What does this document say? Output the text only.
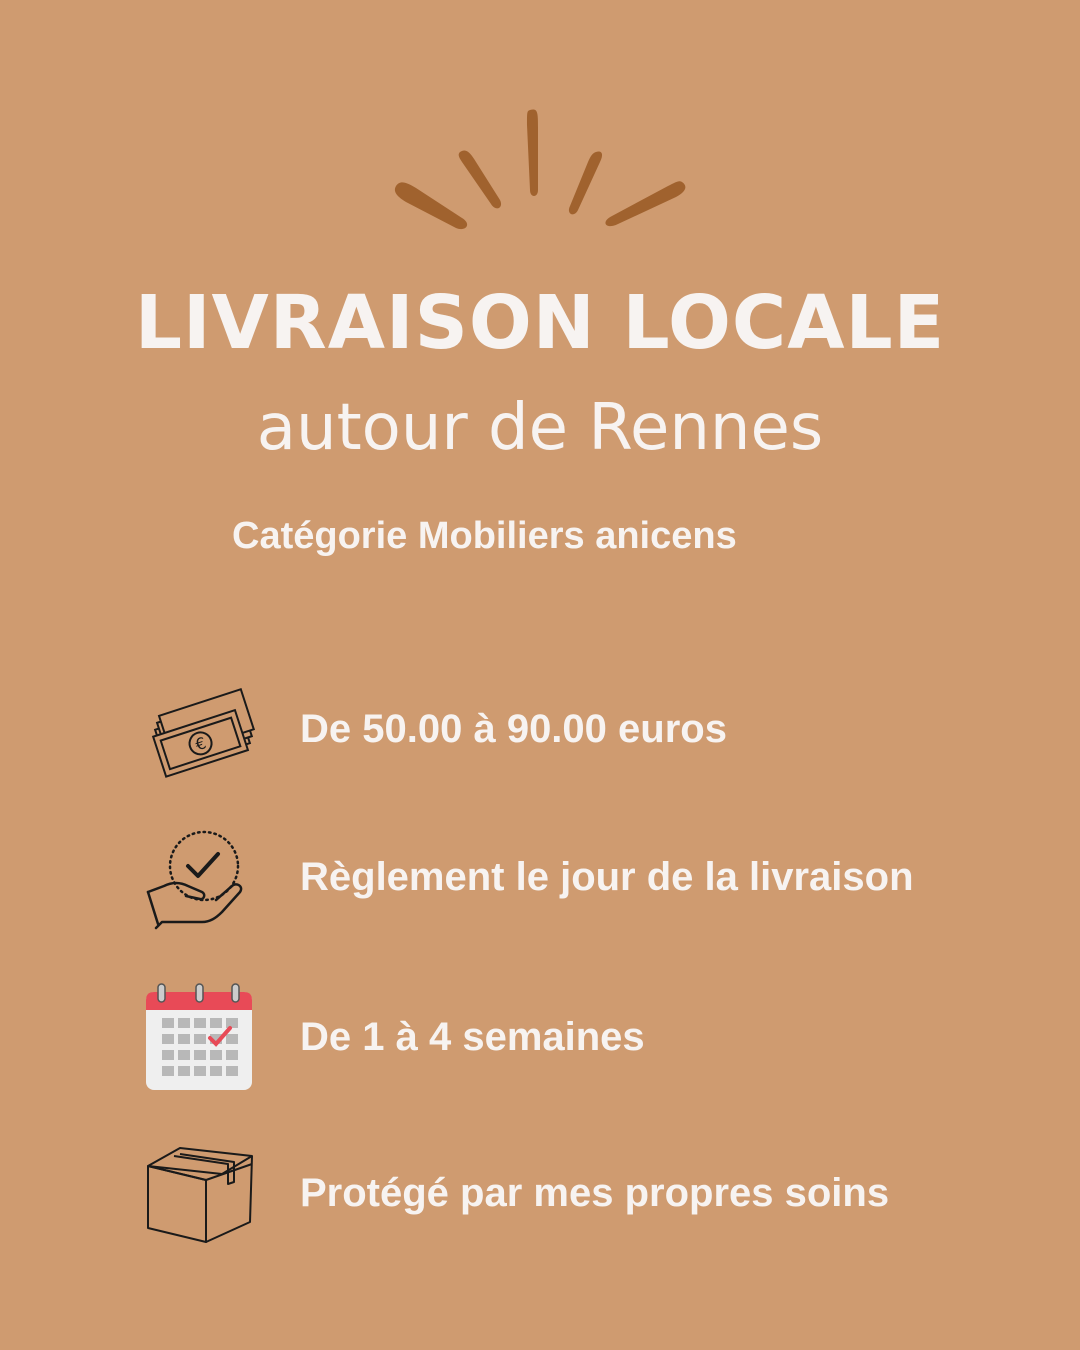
LIVRAISON LOCALE
autour de Rennes
Catégorie Mobiliers anicens
€ De 50.00 à 90.00 euros
Règlement le jour de la livraison
De 1 à 4 semaines
Protégé par mes propres soins
